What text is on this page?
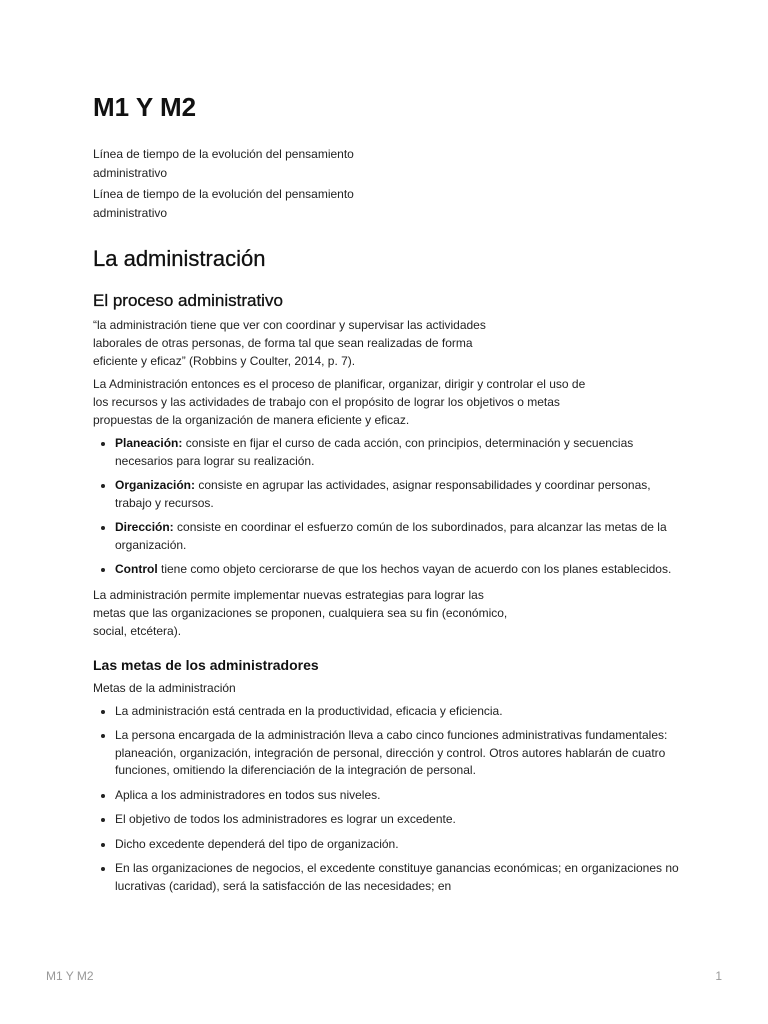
M1 Y M2

Línea de tiempo de la evolución del pensamiento administrativo

Línea de tiempo de la evolución del pensamiento administrativo

La administración
El proceso administrativo

“la administración tiene que ver con coordinar y supervisar las actividades laborales de otras personas, de forma tal que sean realizadas de forma eficiente y eficaz” (Robbins y Coulter, 2014, p. 7).

La Administración entonces es el proceso de planificar, organizar, dirigir y controlar el uso de los recursos y las actividades de trabajo con el propósito de lograr los objetivos o metas propuestas de la organización de manera eficiente y eficaz.

Planeación: consiste en fijar el curso de cada acción, con principios, determinación y secuencias necesarios para lograr su realización.
Organización: consiste en agrupar las actividades, asignar responsabilidades y coordinar personas, trabajo y recursos.
Dirección: consiste en coordinar el esfuerzo común de los subordinados, para alcanzar las metas de la organización.
Control tiene como objeto cerciorarse de que los hechos vayan de acuerdo con los planes establecidos.

La administración permite implementar nuevas estrategias para lograr las metas que las organizaciones se proponen, cualquiera sea su fin (económico, social, etcétera).

Las metas de los administradores

Metas de la administración

La administración está centrada en la productividad, eficacia y eficiencia.
La persona encargada de la administración lleva a cabo cinco funciones administrativas fundamentales: planeación, organización, integración de personal, dirección y control. Otros autores hablarán de cuatro funciones, omitiendo la diferenciación de la integración de personal.
Aplica a los administradores en todos sus niveles.
El objetivo de todos los administradores es lograr un excedente.
Dicho excedente dependerá del tipo de organización.
En las organizaciones de negocios, el excedente constituye ganancias económicas; en organizaciones no lucrativas (caridad), será la satisfacción de las necesidades; en
M1 Y M2	1
